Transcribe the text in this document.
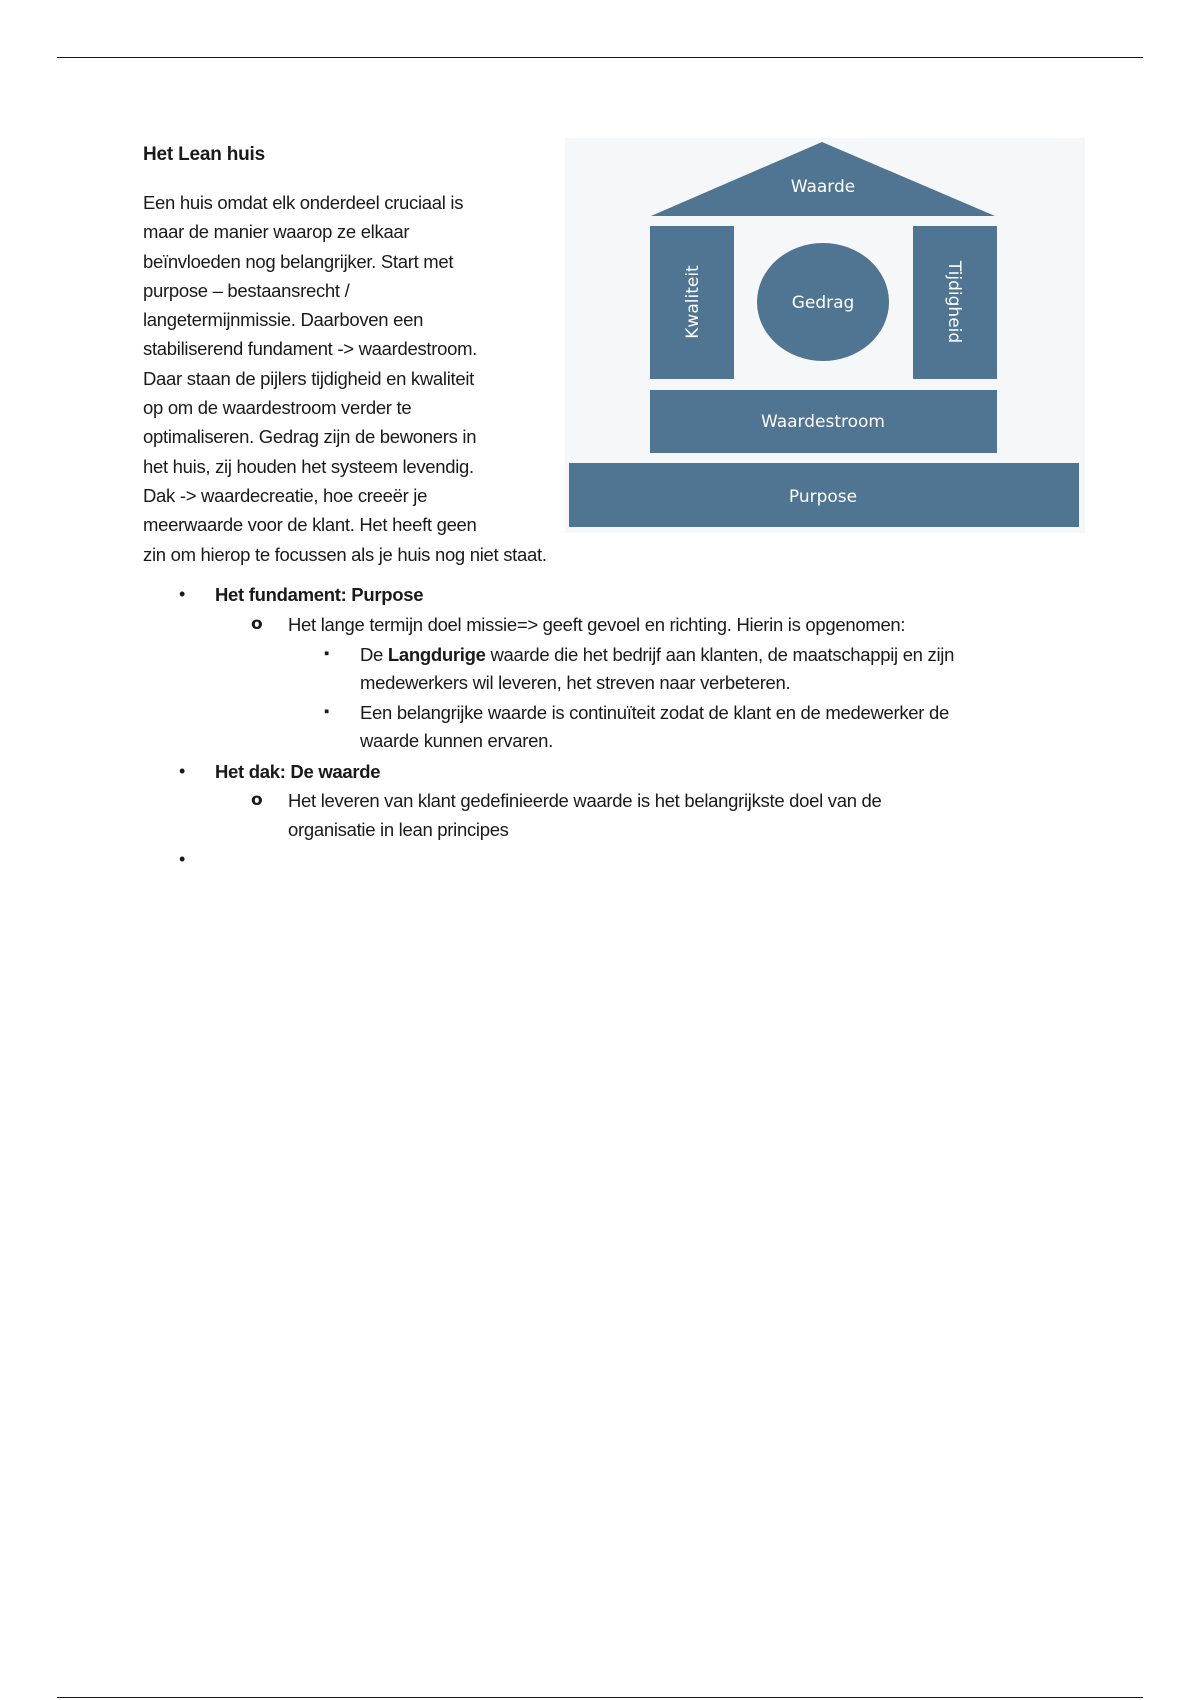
Het Lean huis

Een huis omdat elk onderdeel cruciaal is
maar de manier waarop ze elkaar
beïnvloeden nog belangrijker. Start met
purpose – bestaansrecht /
langetermijnmissie. Daarboven een
stabiliserend fundament -> waardestroom.
Daar staan de pijlers tijdigheid en kwaliteit
op om de waardestroom verder te
optimaliseren. Gedrag zijn de bewoners in
het huis, zij houden het systeem levendig.
Dak -> waardecreatie, hoe creeër je
meerwaarde voor de klant. Het heeft geen
zin om hierop te focussen als je huis nog niet staat.

Waarde
Kwaliteit	Gedrag	Tijdigheid
Waardestroom
Purpose
• Het fundament: Purpose
o Het lange termijn doel missie=> geeft gevoel en richting. Hierin is opgenomen:
▪ De Langdurige waarde die het bedrijf aan klanten, de maatschappij en zijn
medewerkers wil leveren, het streven naar verbeteren.
▪ Een belangrijke waarde is continuïteit zodat de klant en de medewerker de
waarde kunnen ervaren.
• Het dak: De waarde
o Het leveren van klant gedefinieerde waarde is het belangrijkste doel van de
organisatie in lean principes
•
